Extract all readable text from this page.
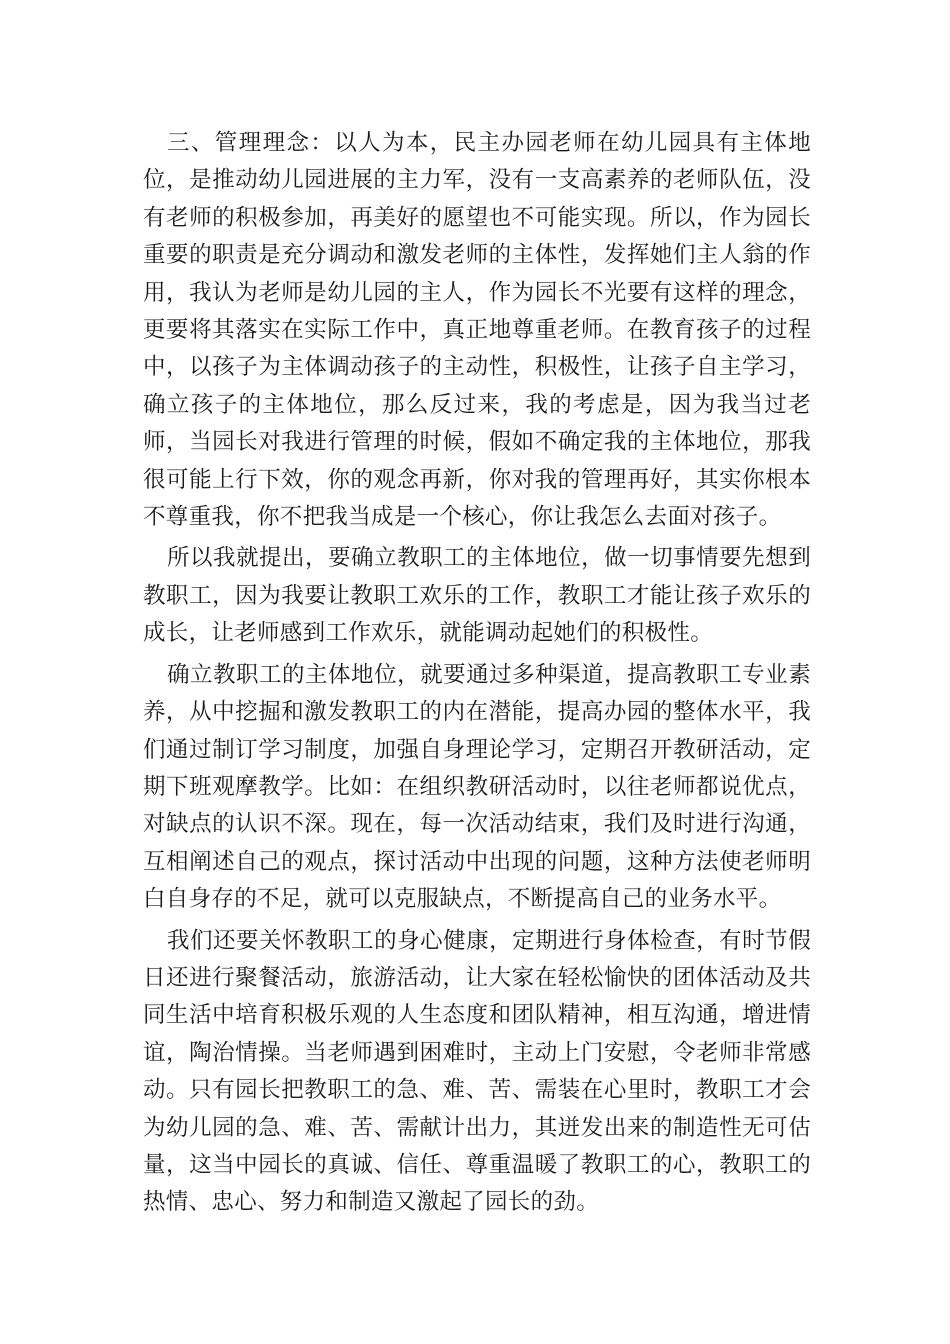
三、管理理念：以人为本，民主办园老师在幼儿园具有主体地位，是推动幼儿园进展的主力军，没有一支高素养的老师队伍，没有老师的积极参加，再美好的愿望也不可能实现。所以，作为园长重要的职责是充分调动和激发老师的主体性，发挥她们主人翁的作用，我认为老师是幼儿园的主人，作为园长不光要有这样的理念，更要将其落实在实际工作中，真正地尊重老师。在教育孩子的过程中，以孩子为主体调动孩子的主动性，积极性，让孩子自主学习，确立孩子的主体地位，那么反过来，我的考虑是，因为我当过老师，当园长对我进行管理的时候，假如不确定我的主体地位，那我很可能上行下效，你的观念再新，你对我的管理再好，其实你根本不尊重我，你不把我当成是一个核心，你让我怎么去面对孩子。

所以我就提出，要确立教职工的主体地位，做一切事情要先想到教职工，因为我要让教职工欢乐的工作，教职工才能让孩子欢乐的成长，让老师感到工作欢乐，就能调动起她们的积极性。

确立教职工的主体地位，就要通过多种渠道，提高教职工专业素养，从中挖掘和激发教职工的内在潜能，提高办园的整体水平，我们通过制订学习制度，加强自身理论学习，定期召开教研活动，定期下班观摩教学。比如：在组织教研活动时，以往老师都说优点，对缺点的认识不深。现在，每一次活动结束，我们及时进行沟通，互相阐述自己的观点，探讨活动中出现的问题，这种方法使老师明白自身存的不足，就可以克服缺点，不断提高自己的业务水平。

我们还要关怀教职工的身心健康，定期进行身体检查，有时节假日还进行聚餐活动，旅游活动，让大家在轻松愉快的团体活动及共同生活中培育积极乐观的人生态度和团队精神，相互沟通，增进情谊，陶治情操。当老师遇到困难时，主动上门安慰，令老师非常感动。只有园长把教职工的急、难、苦、需装在心里时，教职工才会为幼儿园的急、难、苦、需献计出力，其迸发出来的制造性无可估量，这当中园长的真诚、信任、尊重温暖了教职工的心，教职工的热情、忠心、努力和制造又激起了园长的劲。
